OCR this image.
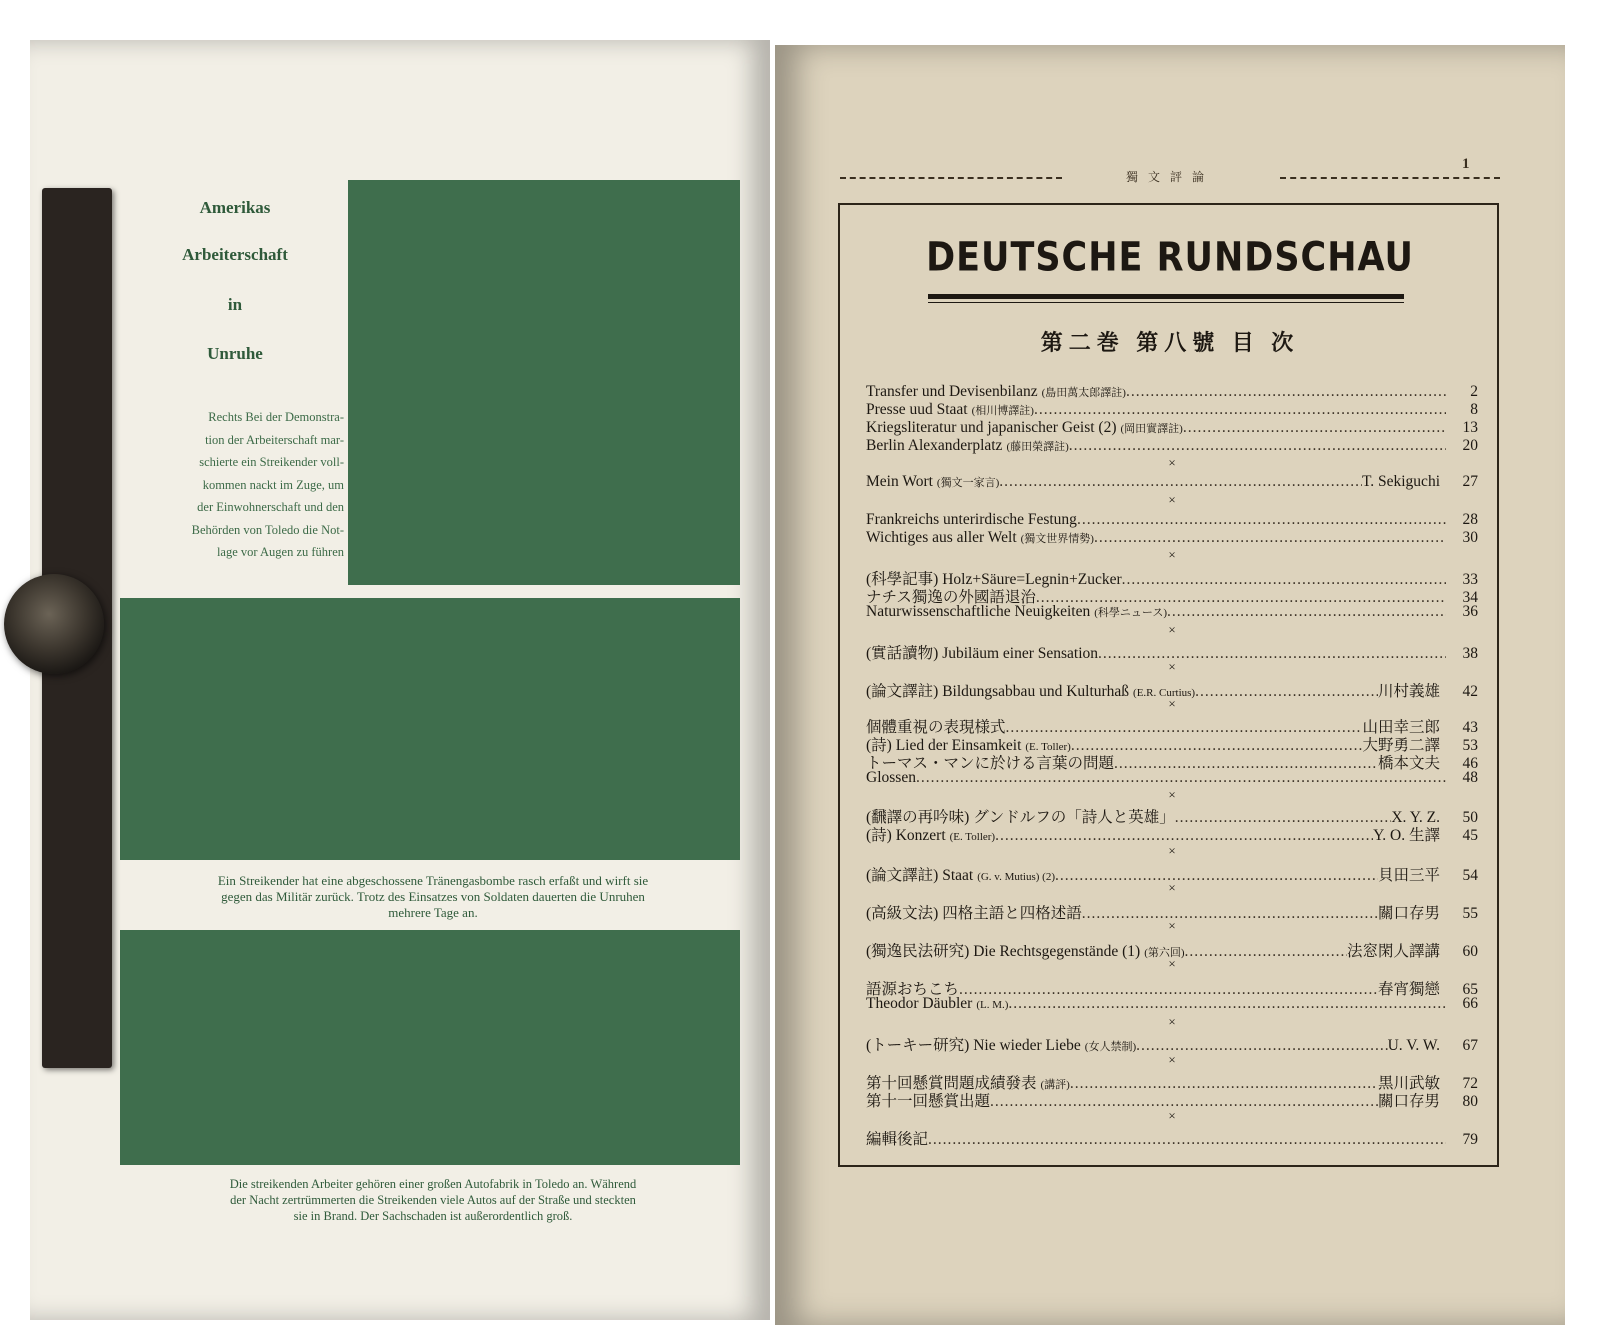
Amerikas
Arbeiterschaft
in
Unruhe
Rechts Bei der Demonstra-
tion der Arbeiterschaft mar-
schierte ein Streikender voll-
kommen nackt im Zuge, um
der Einwohnerschaft und den
Behörden von Toledo die Not-
lage vor Augen zu führen
Ein Streikender hat eine abgeschossene Tränengasbombe rasch erfaßt und wirft sie
gegen das Militär zurück. Trotz des Einsatzes von Soldaten dauerten die Unruhen
mehrere Tage an.
Die streikenden Arbeiter gehören einer großen Autofabrik in Toledo an. Während
der Nacht zertrümmerten die Streikenden viele Autos auf der Straße und steckten
sie in Brand. Der Sachschaden ist außerordentlich groß.
獨文評論
1
DEUTSCHE RUNDSCHAU
第二巻 第八號 目 次
Transfer und Devisenbilanz (島田萬太郎譯註) .....	2
Presse uud Staat (相川博譯註) .....	8
Kriegsliteratur und japanischer Geist (2) (岡田實譯註) .....	13
Berlin Alexanderplatz (藤田榮譯註) .....	20
Mein Wort (獨文一家言) .....	T. Sekiguchi	27
Frankreichs unterirdische Festung .....	28
Wichtiges aus aller Welt (獨文世界情勢) .....	30
(科學記事) Holz+Säure=Legnin+Zucker .....	33
ナチス獨逸の外國語退治 .....	34
Naturwissenschaftliche Neuigkeiten (科學ニュース) .....	36
(實話讀物) Jubiläum einer Sensation .....	38
(論文譯註) Bildungsabbau und Kulturhaß (E.R. Curtius) .....	川村義雄	42
個體重視の表現様式 .....	山田幸三郎	43
(詩) Lied der Einsamkeit (E. Toller) .....	大野勇二譯	53
トーマス・マンに於ける言葉の問題 .....	橋本文夫	46
Glossen .....	48
(飜譯の再吟味) グンドルフの「詩人と英雄」 .....	X. Y. Z.	50
(詩) Konzert (E. Toller) .....	Y. O. 生譯	45
(論文譯註) Staat (G. v. Mutius) (2) .....	貝田三平	54
(高級文法) 四格主語と四格述語 .....	關口存男	55
(獨逸民法研究) Die Rechtsgegenstände (1) (第六回) .....	法窓閑人譯講	60
語源おちこち .....	春宵獨戀	65
Theodor Däubler (L. M.) .....	66
(トーキー研究) Nie wieder Liebe (女人禁制) .....	U. V. W.	67
第十回懸賞問題成績發表 (講評) .....	黒川武敏	72
第十一回懸賞出題 .....	關口存男	80
編輯後記 .....	79
×
×
×
×
×
×
×
×
×
×
×
×
×
×
